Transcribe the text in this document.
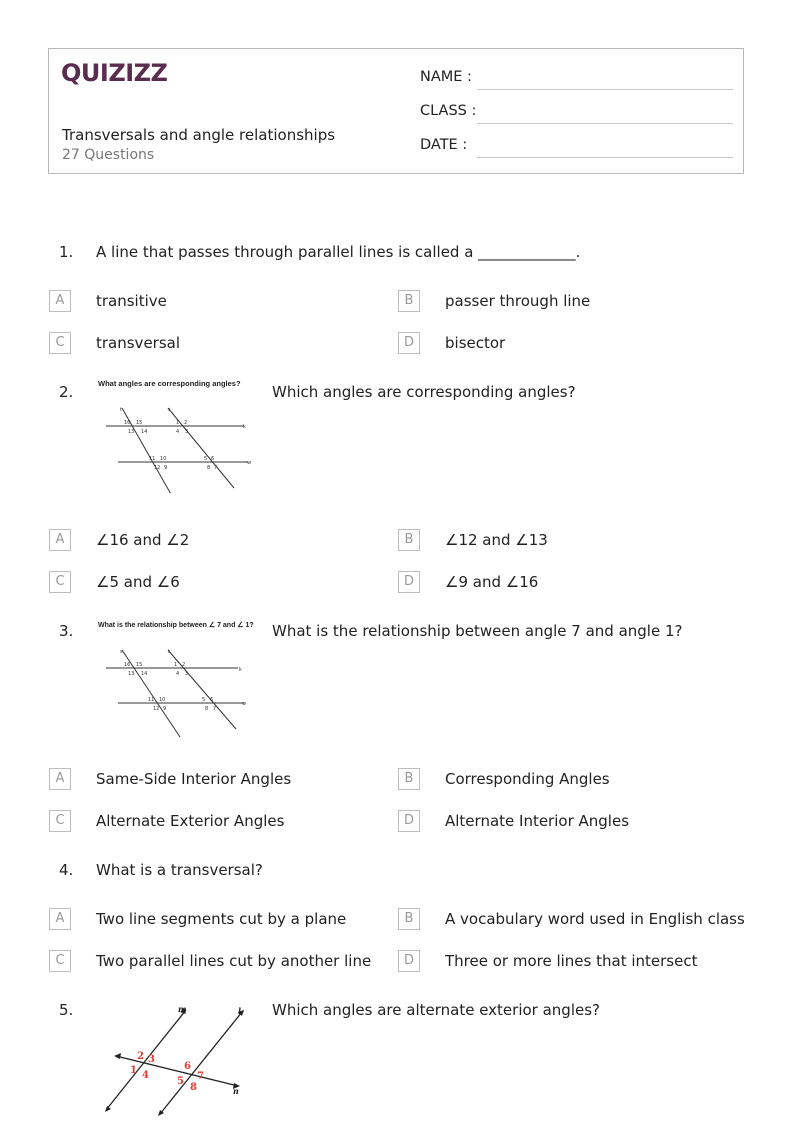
QUIZIZZ
Transversals and angle relationships
27 Questions
NAME :
CLASS :
DATE :
1. A line that passes through parallel lines is called a _____________.
A	transitive	B	passer through line
C	transversal	D	bisector
2.	What angles are corresponding angles?
16 15
13 14
1 2
4 3
11 10
12 9
5 6
8 7
t	s
k
w
Which angles are corresponding angles?
A	∠16 and ∠2	B	∠12 and ∠13
C	∠5 and ∠6	D	∠9 and ∠16
3.	What is the relationship between ∠ 7 and ∠ 1?
16 15
13 14
1 2
4 3
11 10
12 9
5 6
8 7
s	t
k
w
What is the relationship between angle 7 and angle 1?
A	Same-Side Interior Angles	B	Corresponding Angles
C	Alternate Exterior Angles	D	Alternate Interior Angles
4. What is a transversal?
A	Two line segments cut by a plane	B	A vocabulary word used in English class
C	Two parallel lines cut by another line	D	Three or more lines that intersect
5.	m	l
n
2 3
1 4
6
7
5
8
Which angles are alternate exterior angles?
